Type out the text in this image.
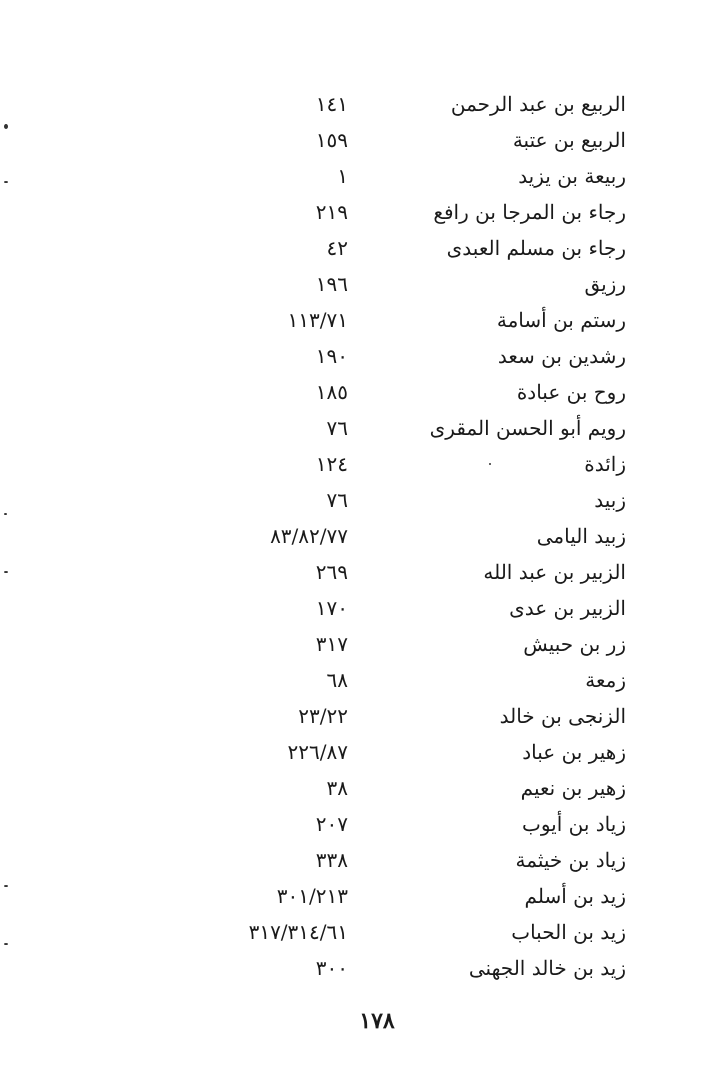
الربيع بن عبد الرحمن
١٤١
الربيع بن عتبة
١٥٩
ربيعة بن يزيد
١
رجاء بن المرجا بن رافع
٢١٩
رجاء بن مسلم العبدى
٤٢
رزيق
١٩٦
رستم بن أسامة
١١٣/٧١
رشدين بن سعد
١٩٠
روح بن عبادة
١٨٥
رويم أبو الحسن المقرى
٧٦
زائدة
١٢٤
زبيد
٧٦
زبيد اليامى
٨٣/٨٢/٧٧
الزبير بن عبد الله
٢٦٩
الزبير بن عدى
١٧٠
زر بن حبيش
٣١٧
زمعة
٦٨
الزنجى بن خالد
٢٣/٢٢
زهير بن عباد
٢٢٦/٨٧
زهير بن نعيم
٣٨
زياد بن أيوب
٢٠٧
زياد بن خيثمة
٣٣٨
زيد بن أسلم
٣٠١/٢١٣
زيد بن الحباب
٣١٧/٣١٤/٦١
زيد بن خالد الجهنى
٣٠٠
١٧٨
